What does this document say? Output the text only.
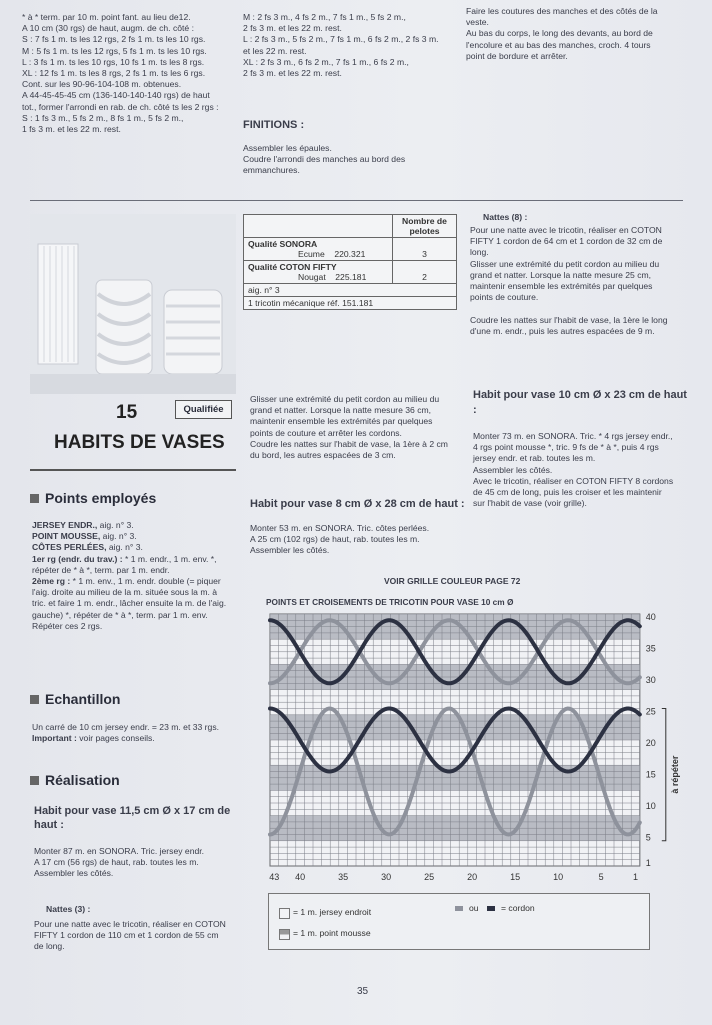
* à * term. par 10 m. point fant. au lieu de12.

A 10 cm (30 rgs) de haut, augm. de ch. côté :

S : 7 fs 1 m. ts les 12 rgs, 2 fs 1 m. ts les 10 rgs.

M : 5 fs 1 m. ts les 12 rgs, 5 fs 1 m. ts les 10 rgs.

L : 3 fs 1 m. ts les 10 rgs, 10 fs 1 m. ts les 8 rgs.

XL : 12 fs 1 m. ts les 8 rgs, 2 fs 1 m. ts les 6 rgs.

Cont. sur les 90-96-104-108 m. obtenues.

A 44-45-45-45 cm (136-140-140-140 rgs) de haut

tot., former l'arrondi en rab. de ch. côté ts les 2 rgs :

S : 1 fs 3 m., 5 fs 2 m., 8 fs 1 m., 5 fs 2 m.,

1 fs 3 m. et les 22 m. rest.

M : 2 fs 3 m., 4 fs 2 m., 7 fs 1 m., 5 fs 2 m.,

2 fs 3 m. et les 22 m. rest.

L : 2 fs 3 m., 5 fs 2 m., 7 fs 1 m., 6 fs 2 m., 2 fs 3 m.

et les 22 m. rest.

XL : 2 fs 3 m., 6 fs 2 m., 7 fs 1 m., 6 fs 2 m.,

2 fs 3 m. et les 22 m. rest.

FINITIONS :

Assembler les épaules.

Coudre l'arrondi des manches au bord des

emmanchures.

Faire les coutures des manches et des côtés de la

veste.

Au bas du corps, le long des devants, au bord de

l'encolure et au bas des manches, croch. 4 tours

point de bordure et arrêter.

	Nombre de pelotes

Qualité SONORA
Ecume 220.321	3

Qualité COTON FIFTY
Nougat 225.181	2
aig. n° 3	
1 tricotin mécanique réf. 151.181	
Nattes (8) :

Pour une natte avec le tricotin, réaliser en COTON

FIFTY 1 cordon de 64 cm et 1 cordon de 32 cm de

long.

Glisser une extrémité du petit cordon au milieu du

grand et natter. Lorsque la natte mesure 25 cm,

maintenir ensemble les extrémités par quelques

points de couture.

Coudre les nattes sur l'habit de vase, la 1ère le long

d'une m. endr., puis les autres espacées de 9 m.

15	Qualifiée
HABITS DE VASES
Points employés

JERSEY ENDR., aig. n° 3.

POINT MOUSSE, aig. n° 3.

CÔTES PERLÉES, aig. n° 3.

1er rg (endr. du trav.) : * 1 m. endr., 1 m. env. *,

répéter de * à *, term. par 1 m. endr.

2ème rg : * 1 m. env., 1 m. endr. double (= piquer

l'aig. droite au milieu de la m. située sous la m. à

tric. et faire 1 m. endr., lâcher ensuite la m. de l'aig.

gauche) *, répéter de * à *, term. par 1 m. env.

Répéter ces 2 rgs.

Echantillon

Un carré de 10 cm jersey endr. = 23 m. et 33 rgs.

Important : voir pages conseils.

Réalisation
Habit pour vase 11,5 cm Ø x 17 cm de haut :

Monter 87 m. en SONORA. Tric. jersey endr.

A 17 cm (56 rgs) de haut, rab. toutes les m.

Assembler les côtés.

Nattes (3) :

Pour une natte avec le tricotin, réaliser en COTON

FIFTY 1 cordon de 110 cm et 1 cordon de 55 cm

de long.

Glisser une extrémité du petit cordon au milieu du

grand et natter. Lorsque la natte mesure 36 cm,

maintenir ensemble les extrémités par quelques

points de couture et arrêter les cordons.

Coudre les nattes sur l'habit de vase, la 1ère à 2 cm

du bord, les autres espacées de 3 cm.

Habit pour vase 8 cm Ø x 28 cm de haut :

Monter 53 m. en SONORA. Tric. côtes perlées.

A 25 cm (102 rgs) de haut, rab. toutes les m.

Assembler les côtés.

Habit pour vase 10 cm Ø x 23 cm de haut :

Monter 73 m. en SONORA. Tric. * 4 rgs jersey endr.,

4 rgs point mousse *, tric. 9 fs de * à *, puis 4 rgs

jersey endr. et rab. toutes les m.

Assembler les côtés.

Avec le tricotin, réaliser en COTON FIFTY 8 cordons

de 45 cm de long, puis les croiser et les maintenir

sur l'habit de vase (voir grille).

VOIR GRILLE COULEUR PAGE 72
POINTS ET CROISEMENTS DE TRICOTIN POUR VASE 10 cm Ø
43 40	35	30	25	20	15	10	5	1
40
35
30
25
20
15
10
5
1
à répéter
= 1 m. jersey endroit
= 1 m. point mousse
ou	= cordon
35
